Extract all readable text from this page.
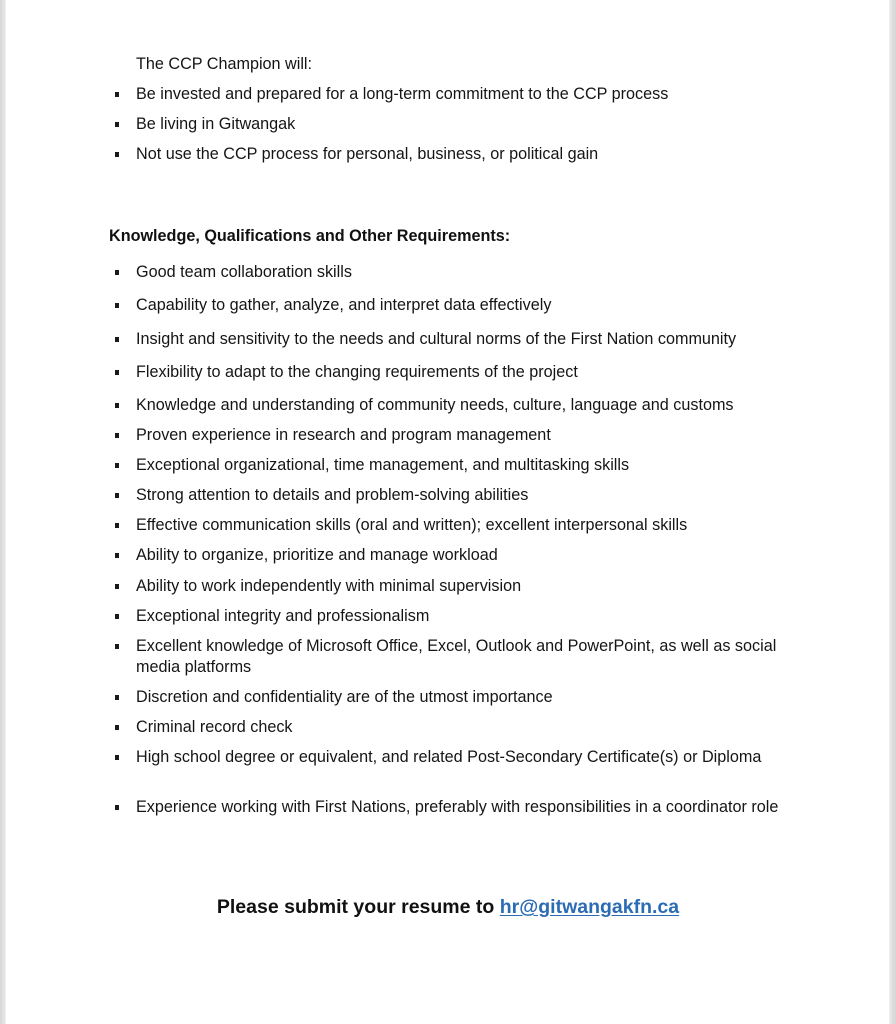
The CCP Champion will:
Be invested and prepared for a long-term commitment to the CCP process
Be living in Gitwangak
Not use the CCP process for personal, business, or political gain
Knowledge, Qualifications and Other Requirements:
Good team collaboration skills
Capability to gather, analyze, and interpret data effectively
Insight and sensitivity to the needs and cultural norms of the First Nation community
Flexibility to adapt to the changing requirements of the project
Knowledge and understanding of community needs, culture, language and customs
Proven experience in research and program management
Exceptional organizational, time management, and multitasking skills
Strong attention to details and problem-solving abilities
Effective communication skills (oral and written); excellent interpersonal skills
Ability to organize, prioritize and manage workload
Ability to work independently with minimal supervision
Exceptional integrity and professionalism
Excellent knowledge of Microsoft Office, Excel, Outlook and PowerPoint, as well as social media platforms
Discretion and confidentiality are of the utmost importance
Criminal record check
High school degree or equivalent, and related Post-Secondary Certificate(s) or Diploma
Experience working with First Nations, preferably with responsibilities in a coordinator role
Please submit your resume to hr@gitwangakfn.ca
